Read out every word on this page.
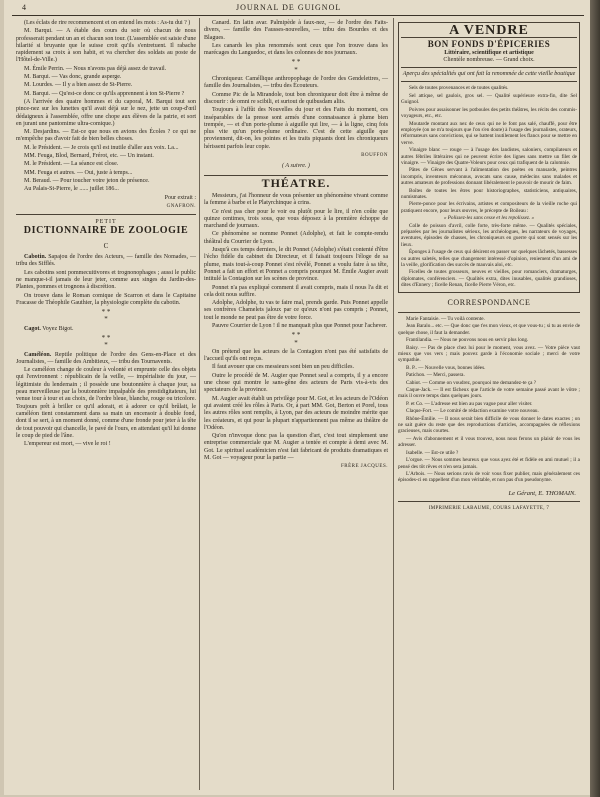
4	JOURNAL DE GUIGNOL

(Les éclats de rire recommencent et on entend les mots : As-tu dui ? )

M. Barqui. — A étable des cours du soir où chacun de nous professerait pendant un an et chacun son tour. (L'assemblée est saisie d'une hilarité si bruyante que le suisse croit qu'ils s'entretuent. Il rabache rapidement sa croix à son habit, et va chercher des soldats au poste de l'Hôtel-de-Ville.)

M. Émile Perrin. — Nous n'avons pas déjà assez de travail.

M. Barqui. — Vas donc, grande asperge.

M. Lourdes. — Il y a bien assez de St-Pierre.

M. Barqui. — Qu'est-ce donc ce qu'ils apprennent à ton St-Pierre ?

(A l'arrivée des quatre hommes et du caporal, M. Barqui tout son pince-nez sur les lunettes qu'il avait déjà sur le nez, jette un coup-d'œil dédaigneux à l'assemblée, offre une chope aux élèves de la patrie, et sort en jurant une pantomime ultra-comique.)

M. Desjardins. — Est-ce que nous en avions des Écoles ? ce qui ne m'empêche pas d'avoir fait de bien belles choses.

M. le Président. — Je crois qu'il est inutile d'aller aux voix. La...

MM. Feuga, Blod, Bernard, Frérot, etc. — Un instant.

M. le Président. — La séance est close.

MM. Feuga et autres. — Oui, juste à temps...

M. Beraud. — Pour toucher votre jeton de présence.

Au Palais-St-Pierre, le ...... juillet 186...

Pour extrait :

GNAFRON.
PETIT
DICTIONNAIRE DE ZOOLOGIE
C

Cabotin. Sapajou de l'ordre des Acteurs, — famille des Nomades, — tribu des Sifflés.

Les cabotins sont pommecuitivores et trognonophages ; aussi le public ne manque-t-il jamais de leur jeter, comme aux singes du Jardin-des-Plantes, pommes et trognons à discrétion.

On trouve dans le Roman comique de Scarron et dans le Capitaine Fracasse de Théophile Gauthier, la physiologie complète du cabotin.

* *
*

Cagot. Voyez Bigot.

* *
*

Caméléon. Reptile politique de l'ordre des Gens-en-Place et des Journalistes, — famille des Ambitieux, — tribu des Tournavents.

Le caméléon change de couleur à volonté et emprunte celle des objets qui l'environnent : républicain de la veille, — impérialiste du jour, — légitimiste du lendemain ; il possède une boutonnière à chaque jour, sa peau merveilleuse par la boutonnière impalpable des prestidigitateurs, lui venue tour à tour et au choix, de l'ordre bleue, blanche, rouge ou tricolore. Toujours prêt à briller ce qu'il adorait, et à adorer ce qu'il brûlait, le caméléon tient constamment dans sa main un encensoir à double fond, dont il se sert, à un moment donné, comme d'une fronde pour jeter à la tête de tout pouvoir qui chancelle, le pavé de l'ours, en attendant qu'il lui donne le coup de pied de l'âne.

L'empereur est mort, — vive le roi !

Canard. En latin avar. Palmipède à faux-nez, — de l'ordre des Faits-divers, — famille des Fausses-nouvelles, — tribu des Bourdes et des Blagues.

Les canards les plus renommés sont ceux que l'on trouve dans les marécages du Languedoc, et dans les colonnes de nos journaux.

* *
*

Chroniqueur. Caméllique anthropophage de l'ordre des Gendelettres, — famille des Journalistes, — tribu des Écouteurs.

Comme Pic de la Mirandole, tout bon chroniqueur doit être à même de discourir : de omni re scibili, et surtout de quibusdam aliis.

Toujours à l'affût des Nouvelles du jour et des Faits du moment, ces inséparables de la presse sont armés d'une connaissance à plume bien trempée, — et d'un porte-plume à aiguille qui lire, — à la ligne, cinq fois plus vite qu'un porte-plume ordinaire. C'est de cette aiguille que proviennent, dit-on, les pointes et les traits piquants dont les chroniqueurs hérissent parfois leur copie.

BOUFFON
( A suivre. )
THÉATRE.

Messieurs, j'ai l'honneur de vous présenter un phénomène vivant comme la femme à barbe et le Platyrchinque à crins.

Ce n'est pas cher pour le voir ou plutôt pour le lire, il n'en coûte que quinze centimes, trois sous, que vous déposez à la première échoppe de marchand de journaux.

Ce phénomène se nomme Ponnet (Adolphe), et fait le compte-rendu théâtral du Courrier de Lyon.

Jusqu'à ces temps derniers, le dit Ponnet (Adolphe) s'était contenté d'être l'écho fidèle du cabinet du Directeur, et il faisait toujours l'éloge de sa plume, mais tout-à-coup Ponnet s'est révélé, Ponnet a voulu faire à sa tête, Ponnet a fait un effort et Ponnet a compris pourquoi M. Émile Augier avait intitulé la Contagion sur les scènes de province.

Ponnet n'a pas expliqué comment il avait compris, mais il nous l'a dit et cela doit nous suffire.

Adolphe, Adolphe, tu vas te faire mal, prends garde. Puis Ponnet appelle ses confrères Chamelets jaloux par ce qu'eux n'ont pas compris ; Ponnet, tout le monde ne peut pas être de votre force.

Pauvre Courrier de Lyon ! il ne manquait plus que Ponnet pour l'achever.

* *
*

On prétend que les acteurs de la Contagion n'ont pas été satisfaits de l'accueil qu'ils ont reçus.

Il faut avouer que ces messieurs sont bien un peu difficiles.

Outre le procédé de M. Augier que Ponnet seul a compris, il y a encore une chose qui montre le sans-gêne des acteurs de Paris vis-à-vis des spectateurs de la province.

M. Augier avait établi un privilège pour M. Got, et les acteurs de l'Odéon qui avaient créé les rôles à Paris. Or, à part MM. Got, Berton et Porel, tous les autres rôles sont remplis, à Lyon, par des acteurs de moindre mérite que les créateurs, et qui pour la plupart n'appartiennent pas même au théâtre de l'Odéon.

Qu'on n'invoque donc pas la question d'art, c'est tout simplement une entreprise commerciale que M. Augier a tentée et compte à demi avec M. Got. Le spirituel académicien n'est fait fabricant de produits dramatiques et M. Got — voyageur pour la partie —

FRÈRE JACQUES.
A VENDRE
BON FONDS D'ÉPICERIES
Littéraire, scientifique et artistique
Clientèle nombreuse. — Grand choix.
Aperçu des spécialités qui ont fait la renommée de cette vieille boutique

Sels de toutes provenances et de toutes qualités.

Sel attique, sel gaulois, gros sel. — Qualité supérieure extra-fin, dite Sel Guignol.

Poivres pour assaisonner les potboules des petits théâtres, les récits des commis-voyageurs, etc., etc.

Moutarde montant aux nez de ceux qui ne le font pas salé, chauffé, pour être employée (on ne m'a toujours que l'on s'en doute) à l'usage des journalistes, orateurs, réformateurs sans convictions, qui se battent inutilement les flancs pour se mettre en verve.

Vinaigre blanc — rouge — à l'usage des landistes, saloniers, compilateurs et autres fébriles littéraires qui ne peuvent écrire des lignes sans mettre un filet de vinaigre. — Vinaigre des Quatre-Voleurs pour ceux qui trafiquent de la calomnie.

Pâtes de Gênes servant à l'alimentation des poètes en mansarde, peintres incompris, inventeurs méconnus, avocats sans cause, médecins sans malades et autres amateurs de professions donnant libéralement le pouvoir de mourir de faim.

Boîtes de toutes les êtres pour historiographes, statisticiens, antiquaires, numismates.

Pierre-ponce pour les écrivains, artistes et compositeurs de la vieille roche qui pratiquent encore, pour leurs œuvres, le précepte de Boileau :

« Polissez-les sans cesse et les repolissez. »

Colle de poisson d'avril, colle forte, très-forte même. — Qualités spéciales, préparées par les journalistes sérieux, les archéologues, les narrateurs de voyages, aventures, épisodes de chasses, les chroniqueurs en guerre qui sont sensés sur les lieux.

Éponges à l'usage de ceux qui désirent en passer sur quelques lâchetés, bassesses ou autres saletés, telles que changement intéressé d'opinion, reniement d'un ami de la veille, glorification des succès de mauvais aloi, etc.

Ficelles de toutes grosseurs, neuves et vieilles, pour romanciers, dramaturges, diplomates, conférenciers. — Qualités extra, dites inusables, qualités grandioses, dites d'Ennery ; ficelle Renan, ficelle Pierre Véron, etc.

CORRESPONDANCE

Marie Fantaisie. — Tu voilà contente.

Jean Baralo... etc. — Que donc que t'es mon vieux, et que vous-tu ; si tu as envie de quelque chose, il faut la demander.

Frantilandia. — Nous ne pouvons nous en servir plus long.

Baisy. — Pas de place chez lui pour le moment, vous avez. — Votre pièce vaut mieux que vos vers ; mais pouvez garde à l'économie sociale ; merci de votre sympathie.

B. P.. — Nouvelle vous, bonnes idées.

Patichon. — Merci, passera.

Cabiot. — Comme on voudrez, pourquoi me demandez-te ça ?

Caque-Jack. — Il est fâcheux que l'article de votre semaine passé avant le vôtre ; mais il ouvre temps dans quelques jours.

P. et Co. — L'adresse est bien au pas vague pour aller visiter.

Claque-Fort. — Le comité de rédaction examine votre nouveau.

Rhône-Émilie. — Il nous serait bien difficile de vous donner le dates exactes ; on ne sait guère du reste que des reproductions d'articles, accompagnées de réflexions gracieuses, mais courtes.

— Avis d'abonnement et il vous trouvez, nous nous ferons un plaisir de vous les adresser.

Isabelle. — Est-ce utile ?

L'orgue. — Nous sommes heureux que vous ayez été et fidèle en ami mutuel ; il a pensé des tôt rêves et n'en sera jamais.

L'Arbois. — Nous serions ravis de voir vous fixer publier, mais généralement ces épisodes-ci en rappellent d'un mon véritable, et non pas d'un pseudonyme.

Le Gérant, E. THOMAIN.
IMPRIMERIE LABAUME, COURS LAFAYETTE, 7
